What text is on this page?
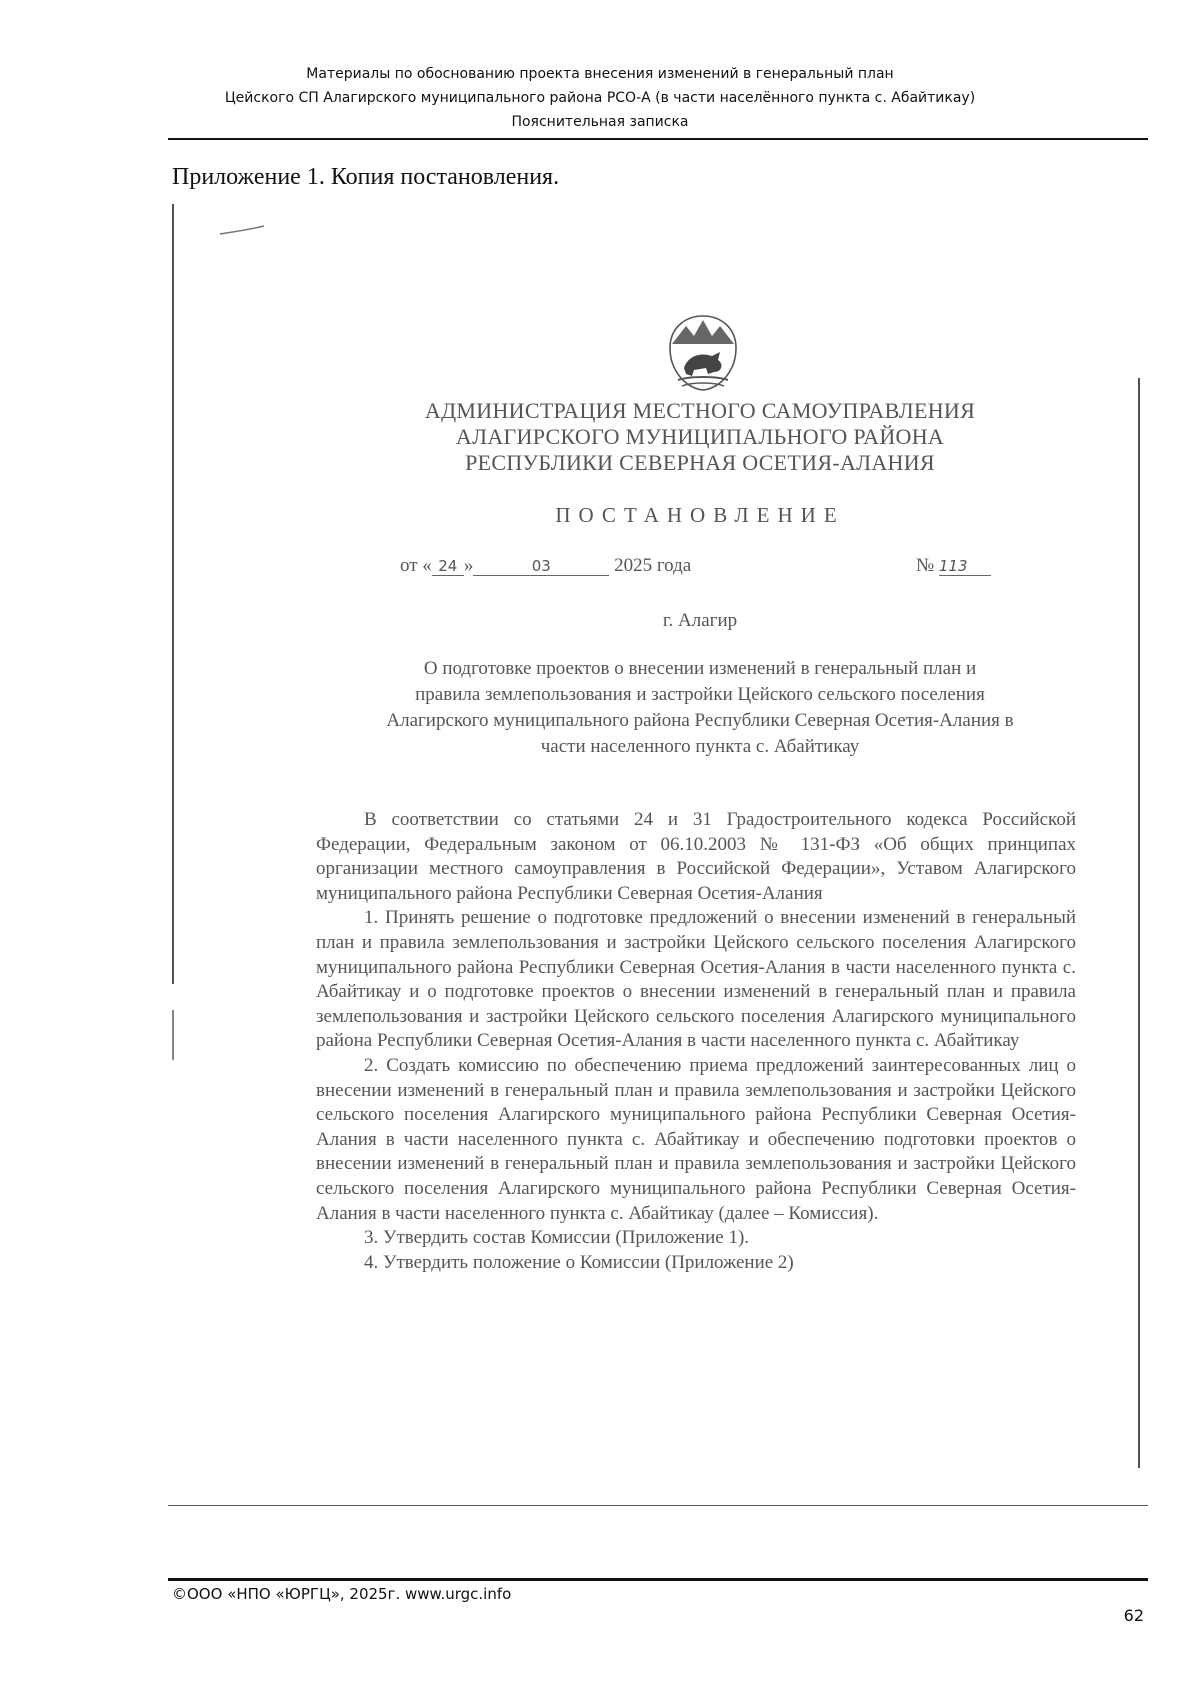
Материалы по обоснованию проекта внесения изменений в генеральный план
Цейского СП Алагирского муниципального района РСО-А (в части населённого пункта с. Абайтикау)
Пояснительная записка
Приложение 1. Копия постановления.
АДМИНИСТРАЦИЯ МЕСТНОГО САМОУПРАВЛЕНИЯ
АЛАГИРСКОГО МУНИЦИПАЛЬНОГО РАЙОНА
РЕСПУБЛИКИ СЕВЕРНАЯ ОСЕТИЯ-АЛАНИЯ
ПОСТАНОВЛЕНИЕ
от « 24 »	03	2025 года	№ 113
г. Алагир
О подготовке проектов о внесении изменений в генеральный план и
правила землепользования и застройки Цейского сельского поселения
Алагирского муниципального района Республики Северная Осетия-Алания в
части населенного пункта с. Абайтикау

В соответствии со статьями 24 и 31 Градостроительного кодекса Российской Федерации, Федеральным законом от 06.10.2003 № 131-ФЗ «Об общих принципах организации местного самоуправления в Российской Федерации», Уставом Алагирского муниципального района Республики Северная Осетия-Алания

1. Принять решение о подготовке предложений о внесении изменений в генеральный план и правила землепользования и застройки Цейского сельского поселения Алагирского муниципального района Республики Северная Осетия-Алания в части населенного пункта с. Абайтикау и о подготовке проектов о внесении изменений в генеральный план и правила землепользования и застройки Цейского сельского поселения Алагирского муниципального района Республики Северная Осетия-Алания в части населенного пункта с. Абайтикау

2. Создать комиссию по обеспечению приема предложений заинтересованных лиц о внесении изменений в генеральный план и правила землепользования и застройки Цейского сельского поселения Алагирского муниципального района Республики Северная Осетия-Алания в части населенного пункта с. Абайтикау и обеспечению подготовки проектов о внесении изменений в генеральный план и правила землепользования и застройки Цейского сельского поселения Алагирского муниципального района Республики Северная Осетия-Алания в части населенного пункта с. Абайтикау (далее – Комиссия).

3. Утвердить состав Комиссии (Приложение 1).

4. Утвердить положение о Комиссии (Приложение 2)

©ООО «НПО «ЮРГЦ», 2025г. www.urgc.info
62
